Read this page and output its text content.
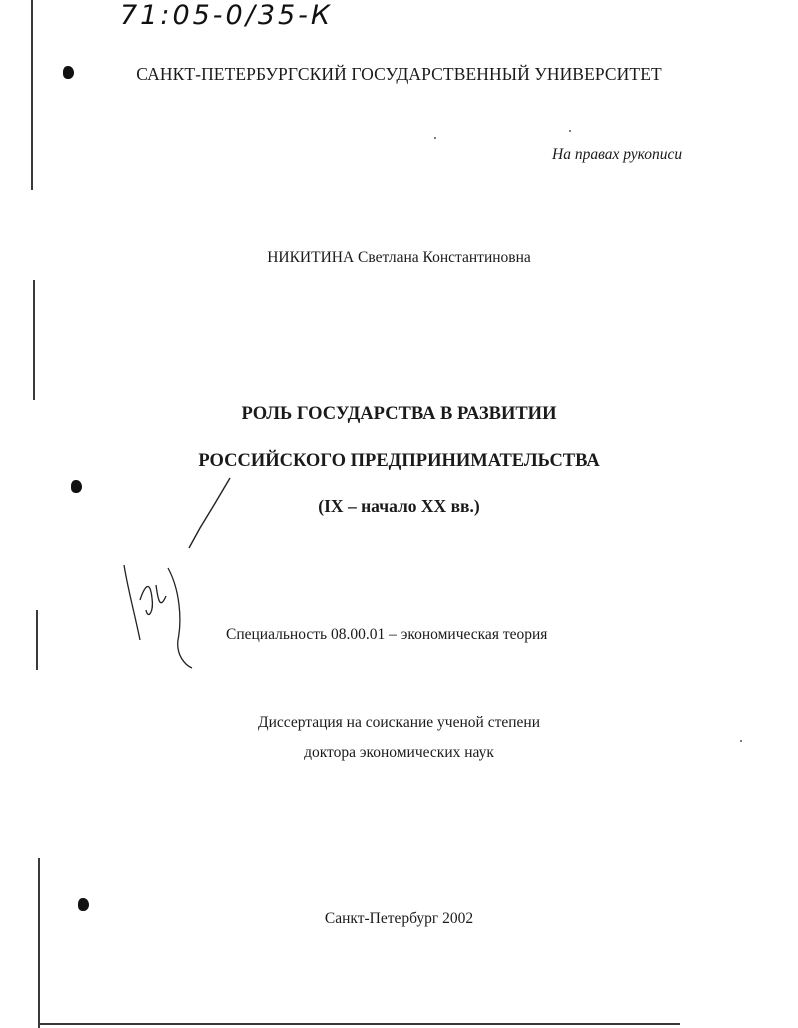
71:05-0/35-К
САНКТ-ПЕТЕРБУРГСКИЙ ГОСУДАРСТВЕННЫЙ УНИВЕРСИТЕТ
На правах рукописи
НИКИТИНА Светлана Константиновна
РОЛЬ ГОСУДАРСТВА В РАЗВИТИИ
РОССИЙСКОГО ПРЕДПРИНИМАТЕЛЬСТВА
(IX – начало XX вв.)
Специальность 08.00.01 – экономическая теория
Диссертация на соискание ученой степени
доктора экономических наук
Санкт-Петербург 2002
